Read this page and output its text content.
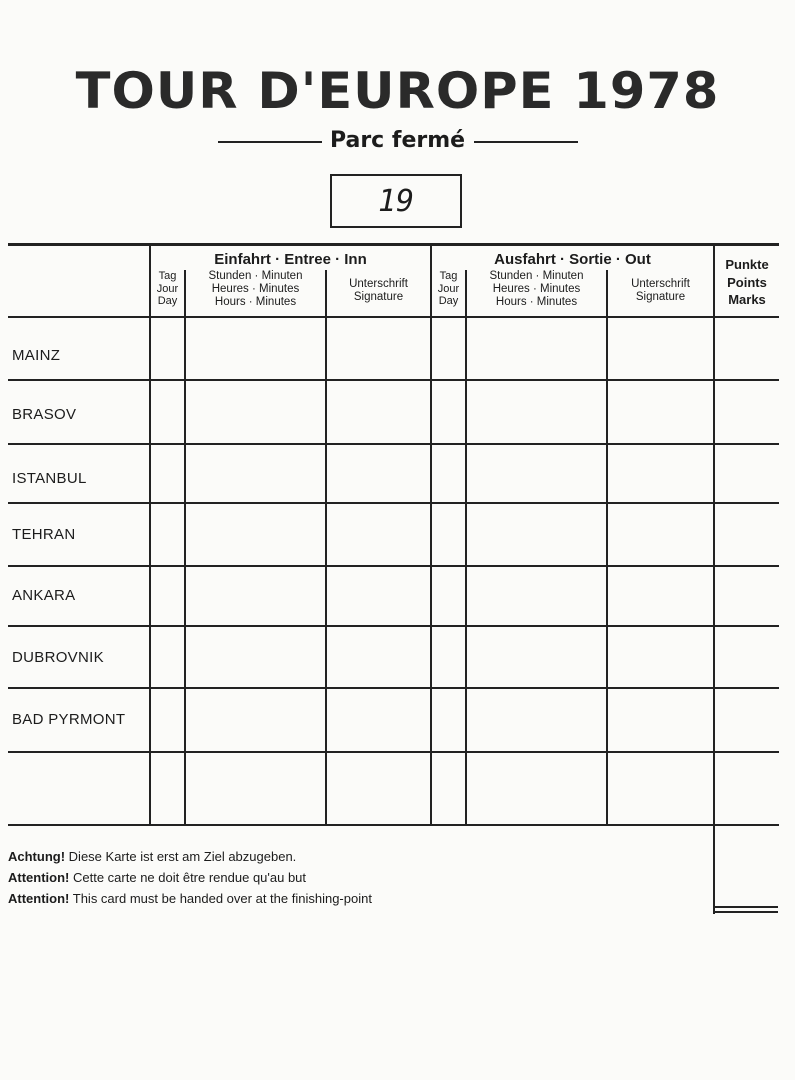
TOUR D'EUROPE 1978
Parc fermé
19
Einfahrt · Entree · Inn
Tag
Jour
Day
Stunden · Minuten
Heures · Minutes
Hours · Minutes
Unterschrift
Signature
Ausfahrt · Sortie · Out
Tag
Jour
Day
Stunden · Minuten
Heures · Minutes
Hours · Minutes
Unterschrift
Signature
Punkte
Points
Marks
MAINZ
BRASOV
ISTANBUL
TEHRAN
ANKARA
DUBROVNIK
BAD PYRMONT
Achtung! Diese Karte ist erst am Ziel abzugeben.
Attention! Cette carte ne doit être rendue qu'au but
Attention! This card must be handed over at the finishing-point
